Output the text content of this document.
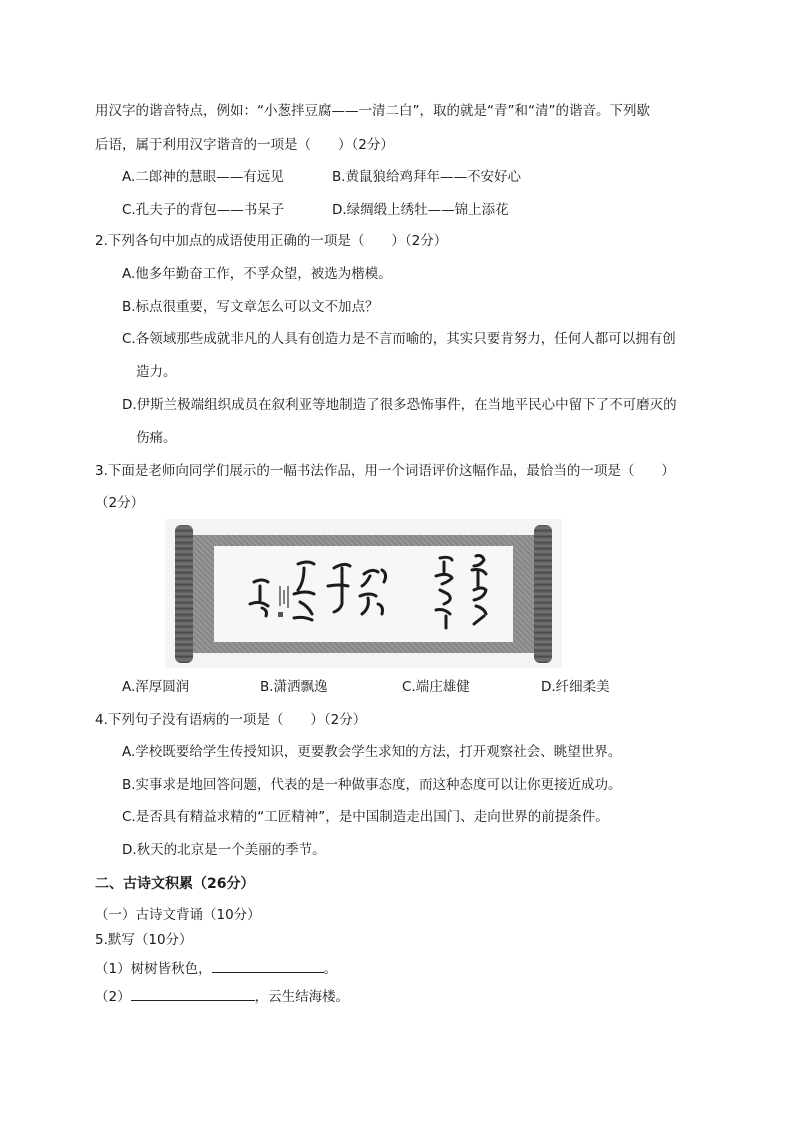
用汉字的谐音特点，例如：“小葱拌豆腐——一清二白”，取的就是“青”和“清”的谐音。下列歇
后语，属于利用汉字谐音的一项是（　　）（2分）
A.二郎神的慧眼——有远见	B.黄鼠狼给鸡拜年——不安好心
C.孔夫子的背包——书呆子	D.绿绸缎上绣牡——锦上添花
2.下列各句中加点的成语使用正确的一项是（　　）（2分）
A.他多年勤奋工作，不孚众望，被选为楷模。
B.标点很重要，写文章怎么可以文不加点？
C.各领域那些成就非凡的人具有创造力是不言而喻的，其实只要肯努力，任何人都可以拥有创
造力。
D.伊斯兰极端组织成员在叙利亚等地制造了很多恐怖事件，在当地平民心中留下了不可磨灭的
伤痛。
3.下面是老师向同学们展示的一幅书法作品，用一个词语评价这幅作品，最恰当的一项是（　　）
（2分）
A.浑厚圆润	B.潇洒飘逸	C.端庄雄健	D.纤细柔美
4.下列句子没有语病的一项是（　　）（2分）
A.学校既要给学生传授知识，更要教会学生求知的方法，打开观察社会、眺望世界。
B.实事求是地回答问题，代表的是一种做事态度，而这种态度可以让你更接近成功。
C.是否具有精益求精的“工匠精神”，是中国制造走出国门、走向世界的前提条件。
D.秋天的北京是一个美丽的季节。
二、古诗文积累（26分）
（一）古诗文背诵（10分）
5.默写（10分）
（1）树树皆秋色，	。
（2）	，云生结海楼。
